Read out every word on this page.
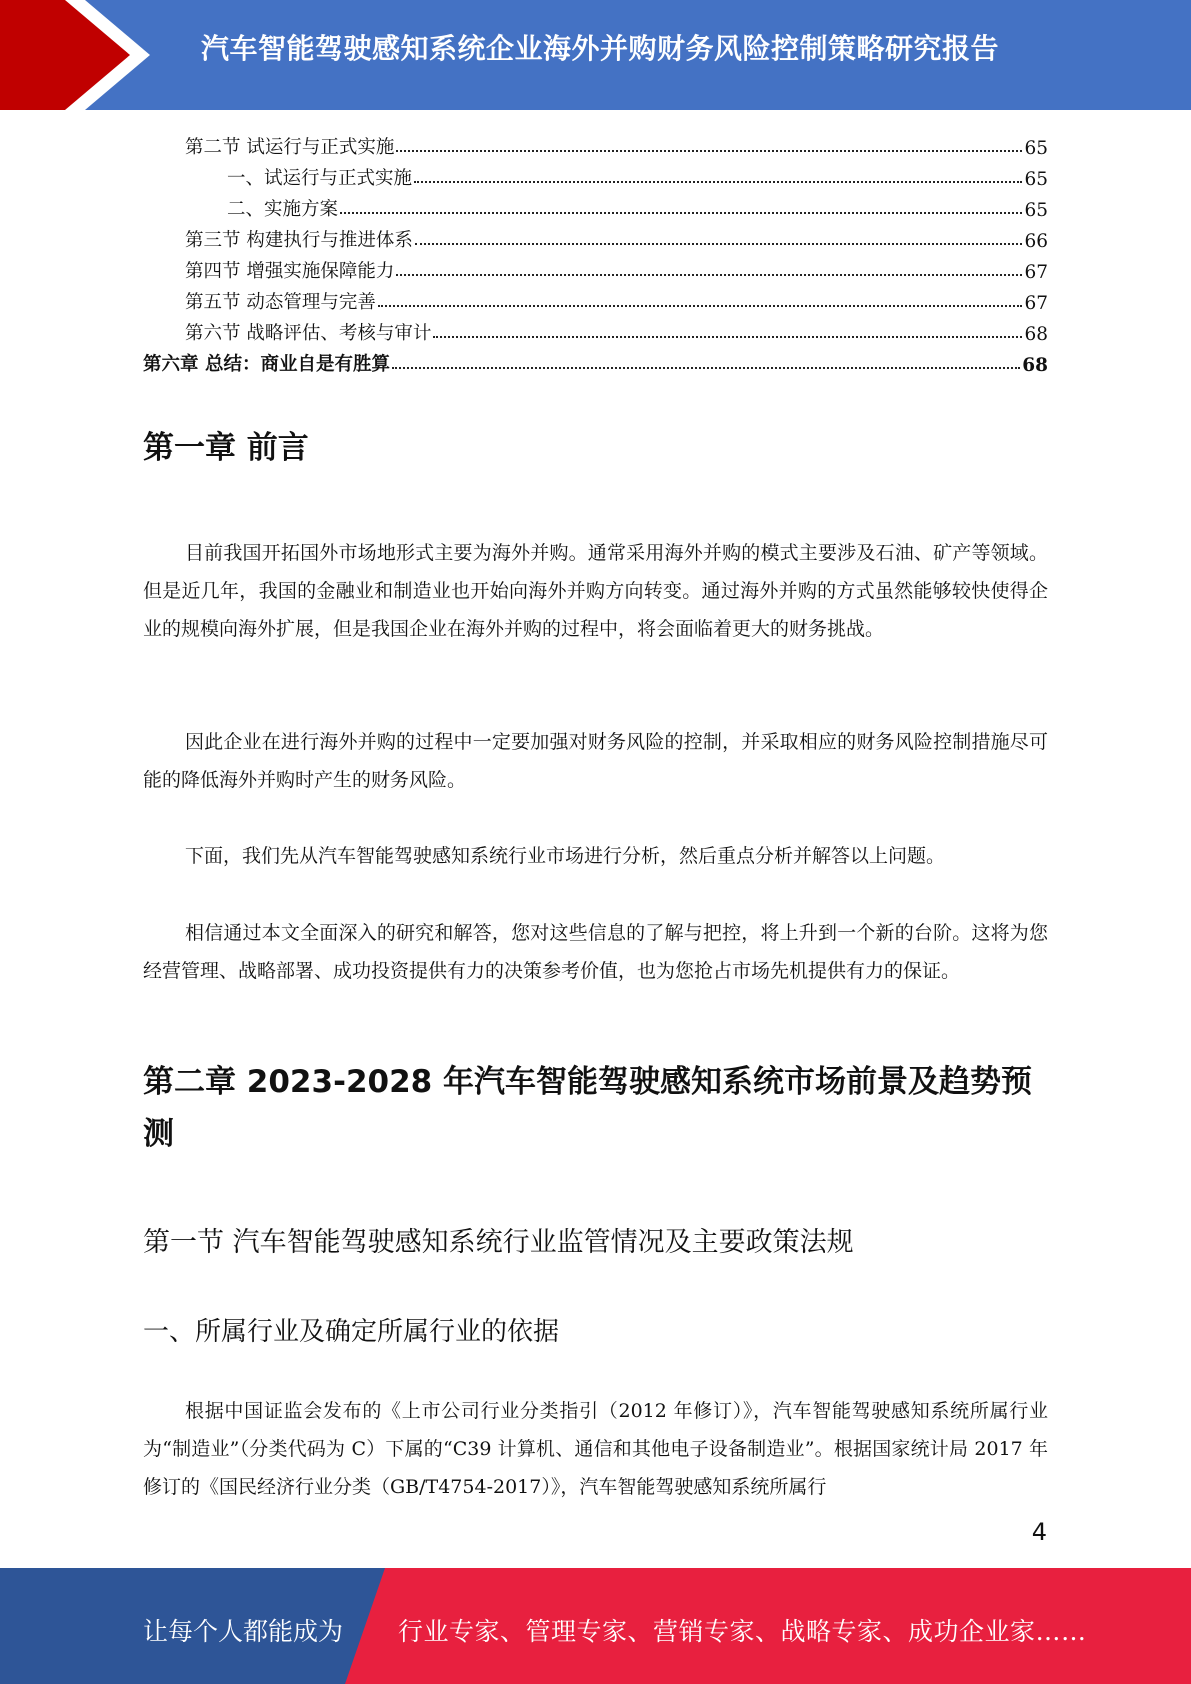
汽车智能驾驶感知系统企业海外并购财务风险控制策略研究报告
第二节 试运行与正式实施	65
一、试运行与正式实施	65
二、实施方案	65
第三节 构建执行与推进体系	66
第四节 增强实施保障能力	67
第五节 动态管理与完善	67
第六节 战略评估、考核与审计	68
第六章 总结：商业自是有胜算	68
第一章 前言

目前我国开拓国外市场地形式主要为海外并购。通常采用海外并购的模式主要涉及石油、矿产等领域。但是近几年，我国的金融业和制造业也开始向海外并购方向转变。通过海外并购的方式虽然能够较快使得企业的规模向海外扩展，但是我国企业在海外并购的过程中，将会面临着更大的财务挑战。

因此企业在进行海外并购的过程中一定要加强对财务风险的控制，并采取相应的财务风险控制措施尽可能的降低海外并购时产生的财务风险。

下面，我们先从汽车智能驾驶感知系统行业市场进行分析，然后重点分析并解答以上问题。

相信通过本文全面深入的研究和解答，您对这些信息的了解与把控，将上升到一个新的台阶。这将为您经营管理、战略部署、成功投资提供有力的决策参考价值，也为您抢占市场先机提供有力的保证。

第二章 2023-2028 年汽车智能驾驶感知系统市场前景及趋势预测
第一节 汽车智能驾驶感知系统行业监管情况及主要政策法规
一、所属行业及确定所属行业的依据

根据中国证监会发布的《上市公司行业分类指引（2012 年修订）》，汽车智能驾驶感知系统所属行业为“制造业”（分类代码为 C）下属的“C39 计算机、通信和其他电子设备制造业”。根据国家统计局 2017 年修订的《国民经济行业分类（GB/T4754-2017）》，汽车智能驾驶感知系统所属行

4
让每个人都能成为 行业专家、管理专家、营销专家、战略专家、成功企业家……
